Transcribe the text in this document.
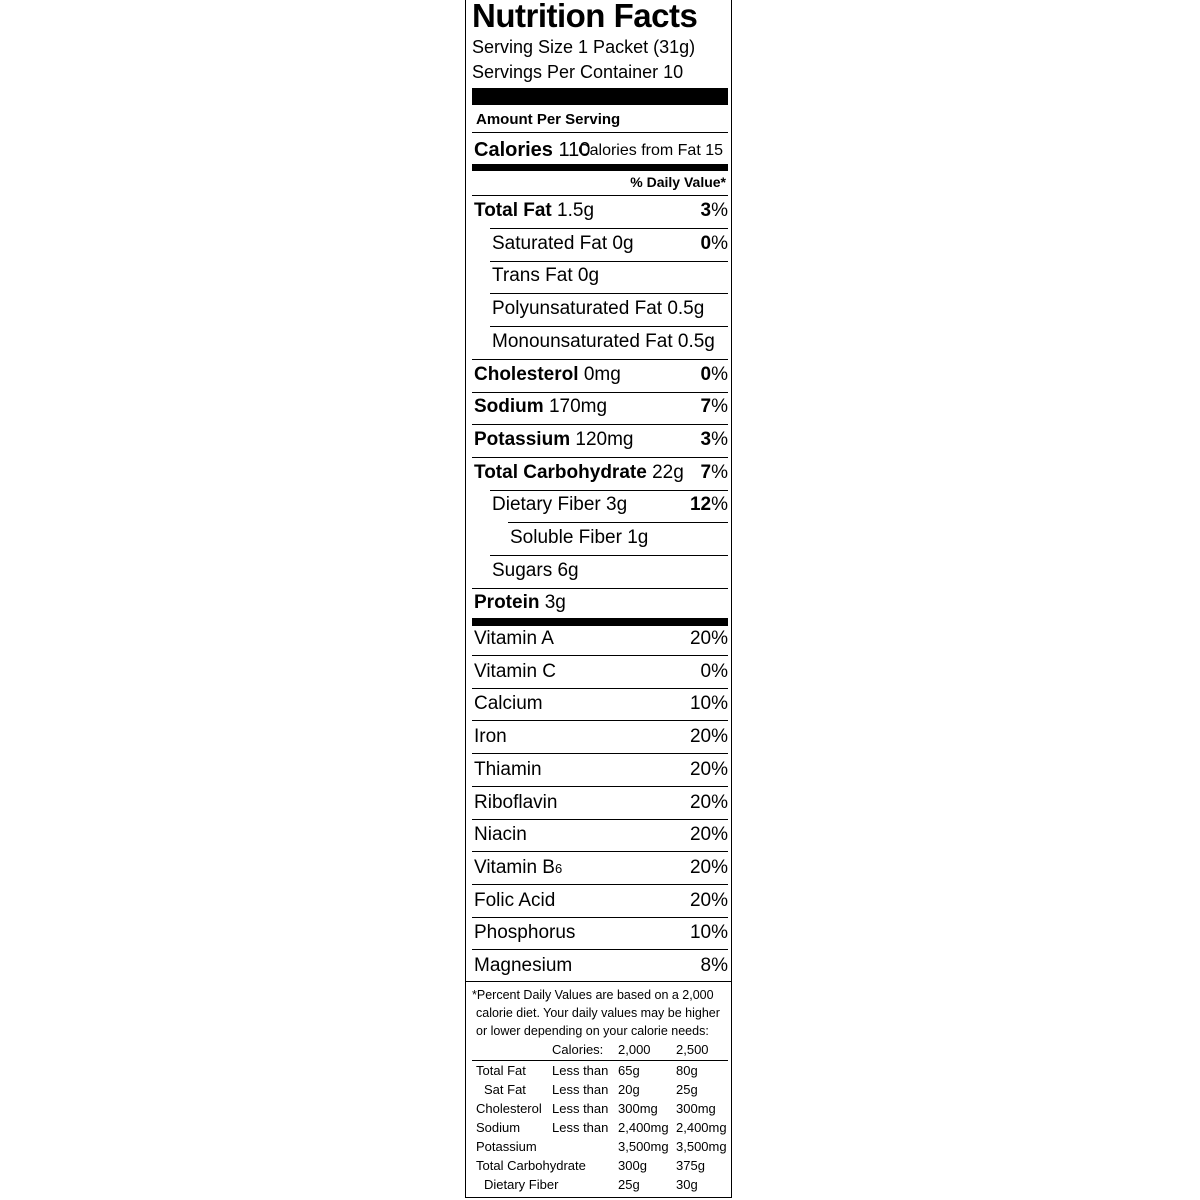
Nutrition Facts
Serving Size 1 Packet (31g)
Servings Per Container 10
Amount Per Serving
Calories 110
Calories from Fat 15
% Daily Value*
Total Fat 1.5g	3%
Saturated Fat 0g	0%
Trans Fat 0g
Polyunsaturated Fat 0.5g
Monounsaturated Fat 0.5g
Cholesterol 0mg	0%
Sodium 170mg	7%
Potassium 120mg	3%
Total Carbohydrate 22g 7%
Dietary Fiber 3g	12%
Soluble Fiber 1g
Sugars 6g
Protein 3g
Vitamin A	20%
Vitamin C	0%
Calcium	10%
Iron	20%
Thiamin	20%
Riboflavin	20%
Niacin	20%
Vitamin B6	20%
Folic Acid	20%
Phosphorus	10%
Magnesium	8%
*Percent Daily Values are based on a 2,000
calorie diet. Your daily values may be higher
or lower depending on your calorie needs:
Calories: 2,000 2,500
Total Fat Less than 65g	80g
Sat Fat Less than 20g	25g
Cholesterol Less than 300mg 300mg
Sodium Less than 2,400mg 2,400mg
Potassium	3,500mg 3,500mg
Total Carbohydrate 300g 375g
Dietary Fiber	25g	30g
